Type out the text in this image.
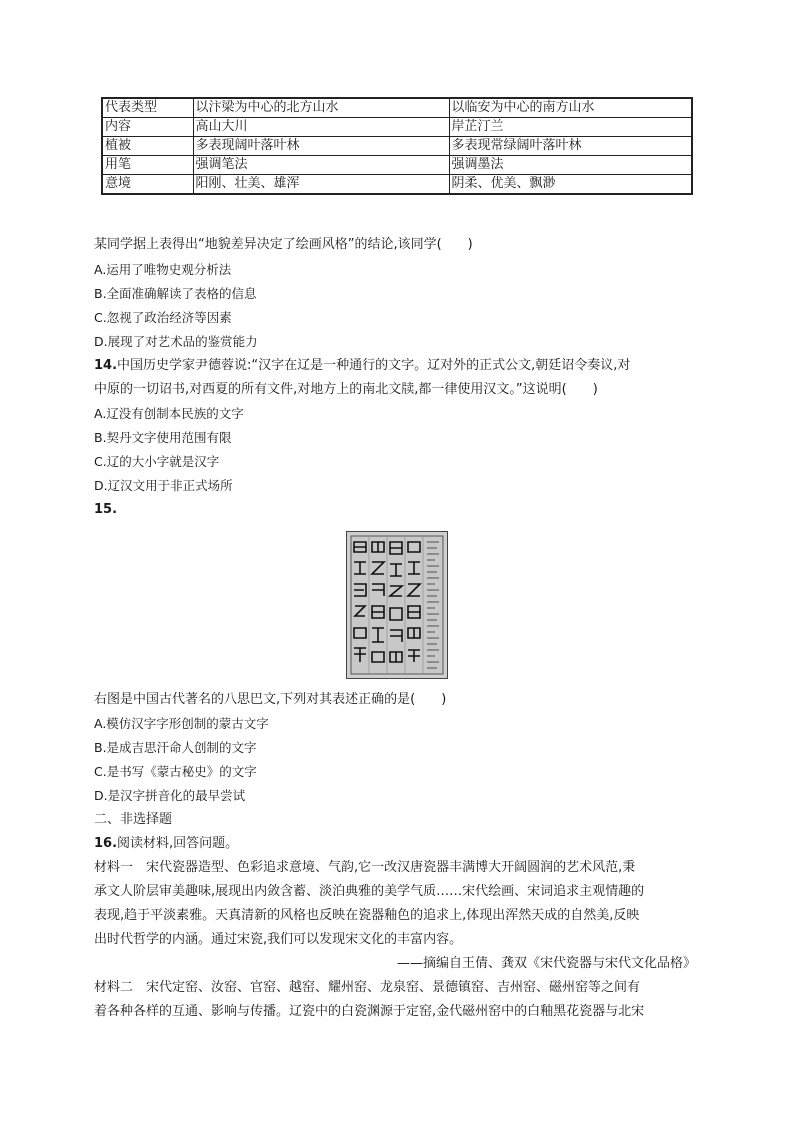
代表类型	以汴梁为中心的北方山水	以临安为中心的南方山水
内容	高山大川	岸芷汀兰
植被	多表现阔叶落叶林	多表现常绿阔叶落叶林
用笔	强调笔法	强调墨法
意境	阳刚、壮美、雄浑	阴柔、优美、飘渺
某同学据上表得出“地貌差异决定了绘画风格”的结论,该同学(　　)
A.运用了唯物史观分析法
B.全面准确解读了表格的信息
C.忽视了政治经济等因素
D.展现了对艺术品的鉴赏能力
14.中国历史学家尹德蓉说:“汉字在辽是一种通行的文字。辽对外的正式公文,朝廷诏令奏议,对
中原的一切诏书,对西夏的所有文件,对地方上的南北文牍,都一律使用汉文。”这说明(　　)
A.辽没有创制本民族的文字
B.契丹文字使用范围有限
C.辽的大小字就是汉字
D.辽汉文用于非正式场所
15.
右图是中国古代著名的八思巴文,下列对其表述正确的是(　　)
A.模仿汉字字形创制的蒙古文字
B.是成吉思汗命人创制的文字
C.是书写《蒙古秘史》的文字
D.是汉字拼音化的最早尝试
二、非选择题
16.阅读材料,回答问题。
材料一　宋代瓷器造型、色彩追求意境、气韵,它一改汉唐瓷器丰满博大开阔圆润的艺术风范,秉
承文人阶层审美趣味,展现出内敛含蓄、淡泊典雅的美学气质……宋代绘画、宋词追求主观情趣的
表现,趋于平淡素雅。天真清新的风格也反映在瓷器釉色的追求上,体现出浑然天成的自然美,反映
出时代哲学的内涵。通过宋瓷,我们可以发现宋文化的丰富内容。
——摘编自王倩、龚双《宋代瓷器与宋代文化品格》
材料二　宋代定窑、汝窑、官窑、越窑、耀州窑、龙泉窑、景德镇窑、吉州窑、磁州窑等之间有
着各种各样的互通、影响与传播。辽瓷中的白瓷渊源于定窑,金代磁州窑中的白釉黑花瓷器与北宋
